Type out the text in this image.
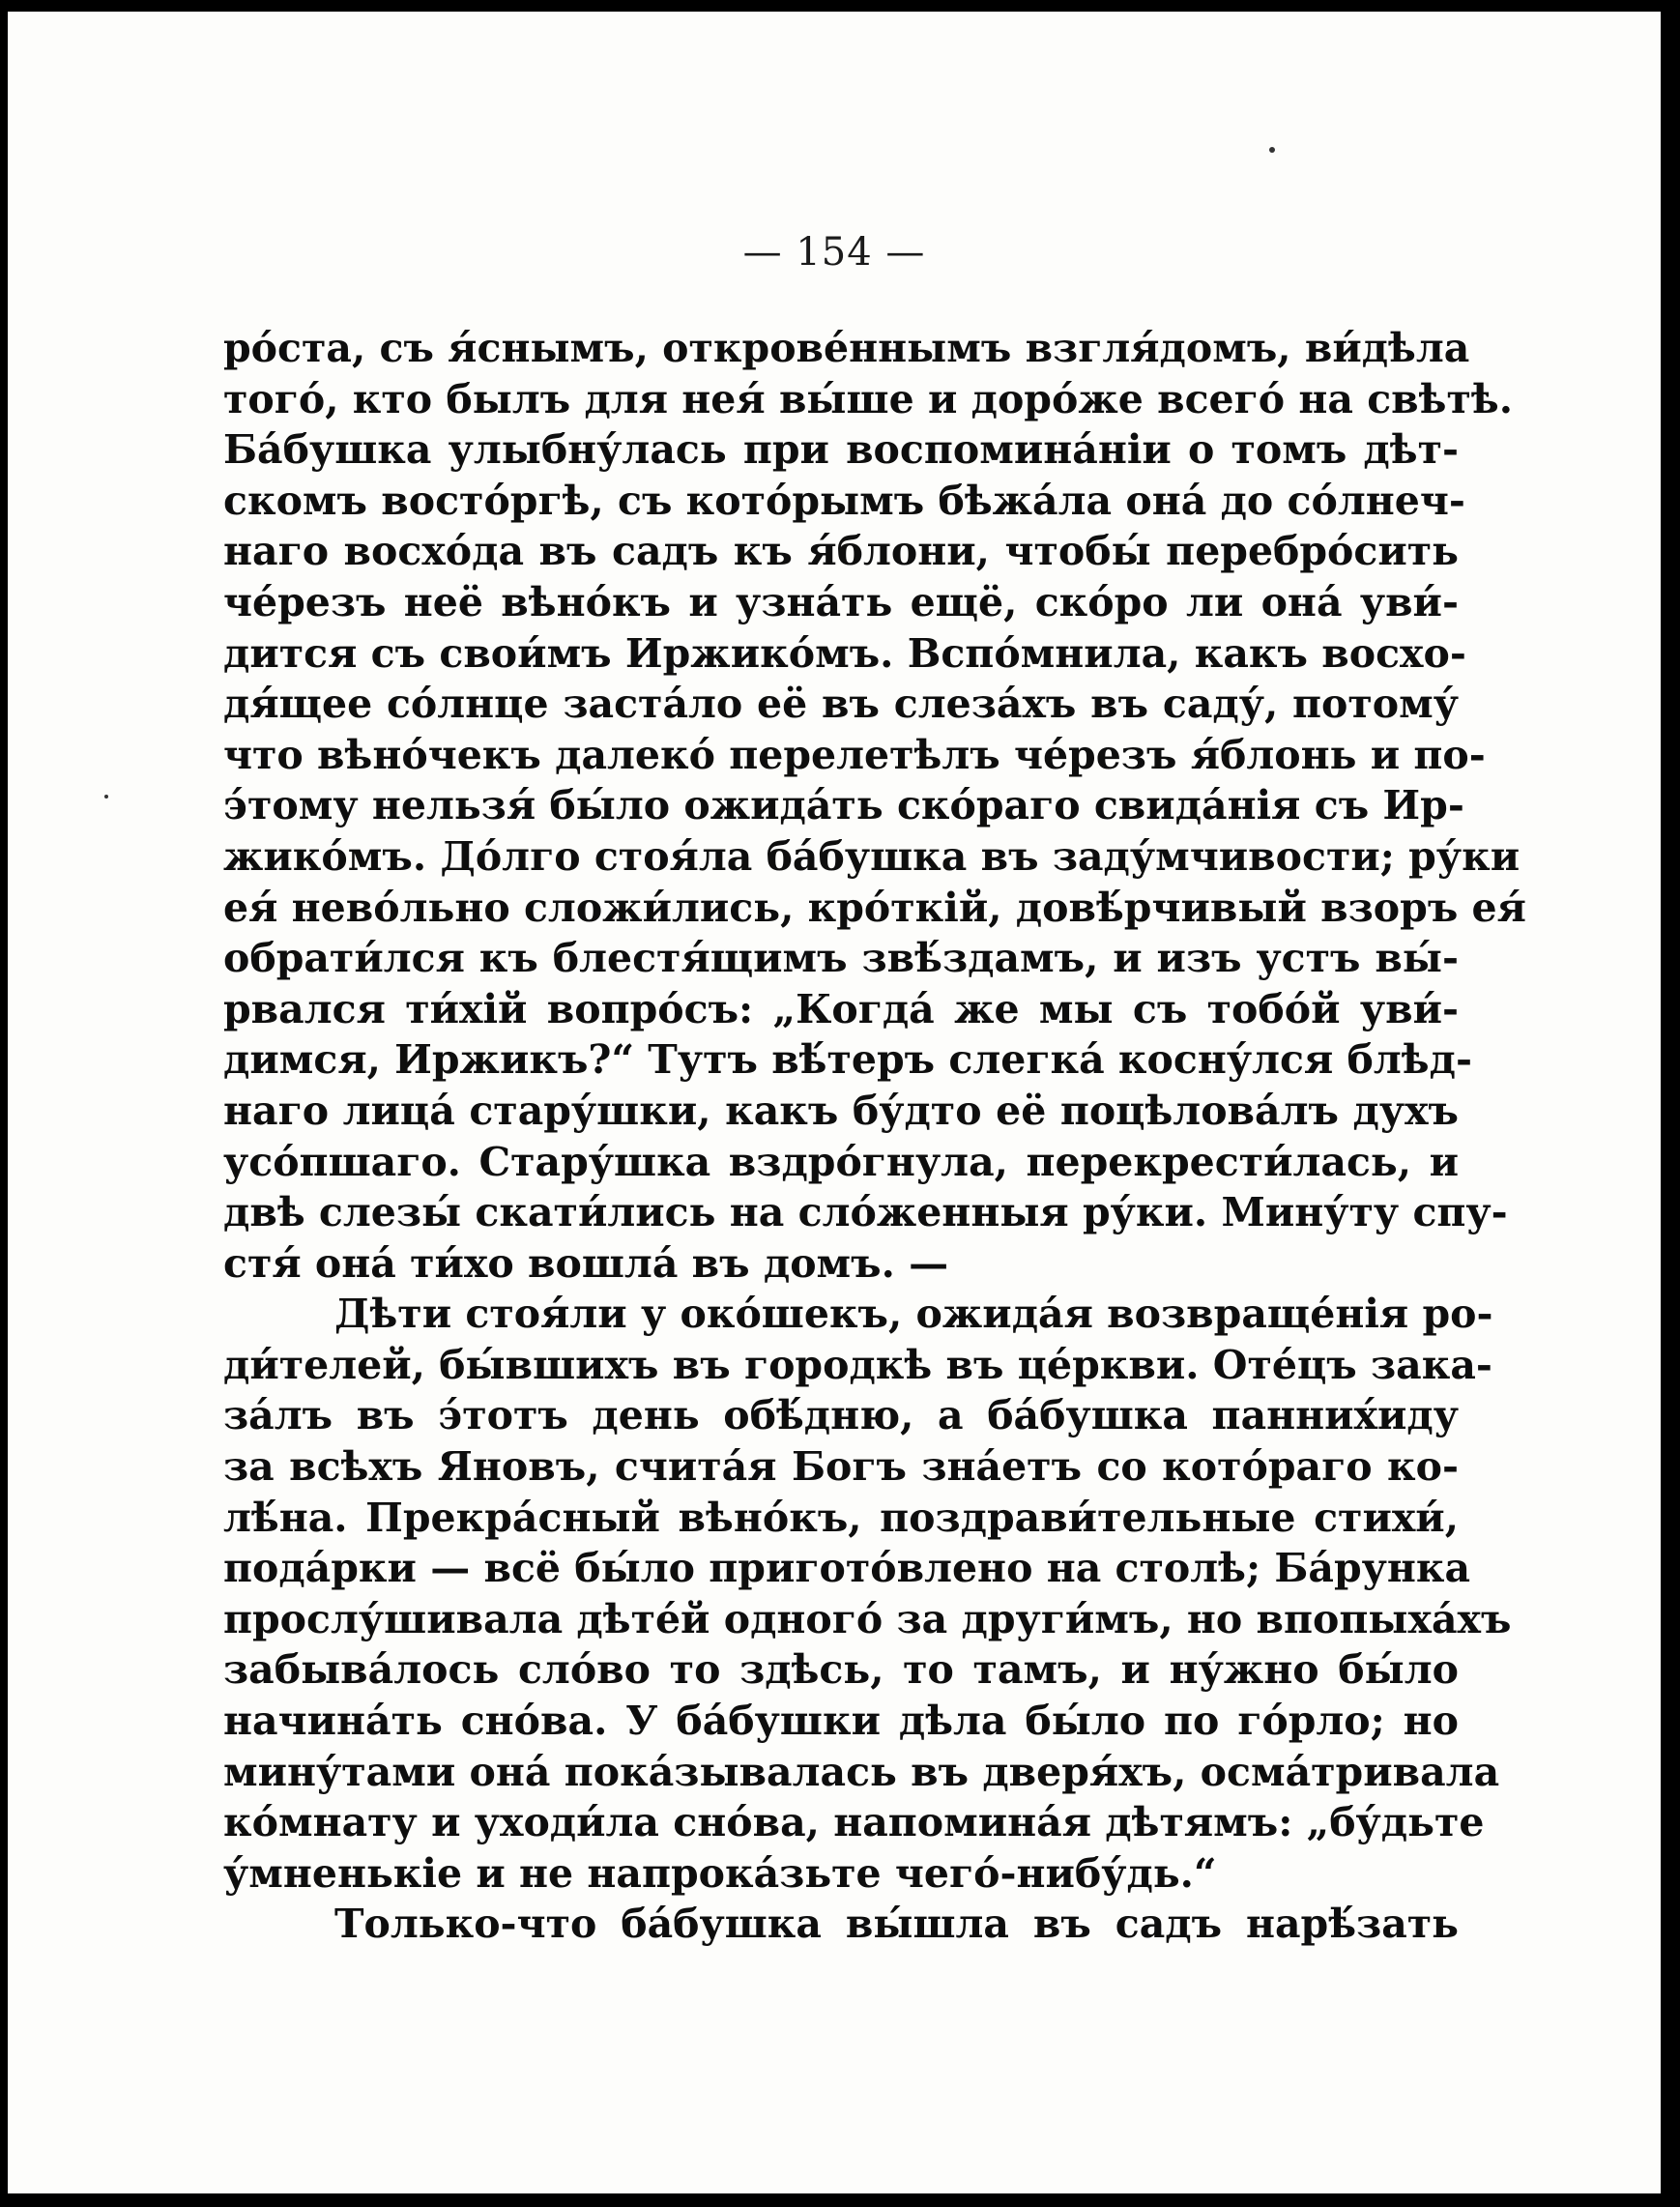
— 154 —
ро́ста, съ я́снымъ, открове́ннымъ взгля́домъ, ви́дѣла
того́, кто былъ для нея́ вы́ше и доро́же всего́ на свѣтѣ.
Ба́бушка улыбну́лась при воспомина́нiи о томъ дѣт-
скомъ восто́ргѣ, съ кото́рымъ бѣжа́ла она́ до со́лнеч-
наго восхо́да въ садъ къ я́блони, чтобы́ перебро́сить
че́резъ неё вѣно́къ и узна́ть ещё, ско́ро ли она́ уви́-
дится съ свои́мъ Иржико́мъ. Вспо́мнила, какъ восхо-
дя́щее со́лнце заста́ло её въ слеза́хъ въ саду́, потому́
что вѣно́чекъ далеко́ перелетѣлъ че́резъ я́блонь и по-
э́тому нельзя́ бы́ло ожида́ть ско́раго свида́нiя съ Ир-
жико́мъ. До́лго стоя́ла ба́бушка въ заду́мчивости; ру́ки
ея́ нево́льно сложи́лись, кро́ткiй, довѣ́рчивый взоръ ея́
обрати́лся къ блестя́щимъ звѣ́здамъ, и изъ устъ вы́-
рвался ти́хiй вопро́съ: „Когда́ же мы съ тобо́й уви́-
димся, Иржикъ?“ Тутъ вѣ́теръ слегка́ косну́лся блѣд-
наго лица́ стару́шки, какъ бу́дто её поцѣлова́лъ духъ
усо́пшаго. Стару́шка вздро́гнула, перекрести́лась, и
двѣ слезы́ скати́лись на сло́женныя ру́ки. Мину́ту спу-
стя́ она́ ти́хо вошла́ въ домъ. —
Дѣти стоя́ли у око́шекъ, ожида́я возвраще́нiя ро-
ди́телей, бы́вшихъ въ городкѣ въ це́ркви. Оте́цъ зака-
за́лъ въ э́тотъ день обѣ́дню, а ба́бушка панних́иду
за всѣхъ Яновъ, счита́я Богъ зна́етъ со кото́раго ко-
лѣ́на. Прекра́сный вѣно́къ, поздрави́тельные стихи́,
пода́рки — всё бы́ло пригото́влено на столѣ; Ба́рунка
прослу́шивала дѣте́й одного́ за други́мъ, но впопыха́хъ
забыва́лось сло́во то здѣсь, то тамъ, и ну́жно бы́ло
начина́ть сно́ва. У ба́бушки дѣла бы́ло по го́рло; но
мину́тами она́ пока́зывалась въ дверя́хъ, осма́тривала
ко́мнату и уходи́ла сно́ва, напомина́я дѣтямъ: „бу́дьте
у́мненькiе и не напрока́зьте чего́-нибу́дь.“
Только-что ба́бушка вы́шла въ садъ нарѣ́зать
